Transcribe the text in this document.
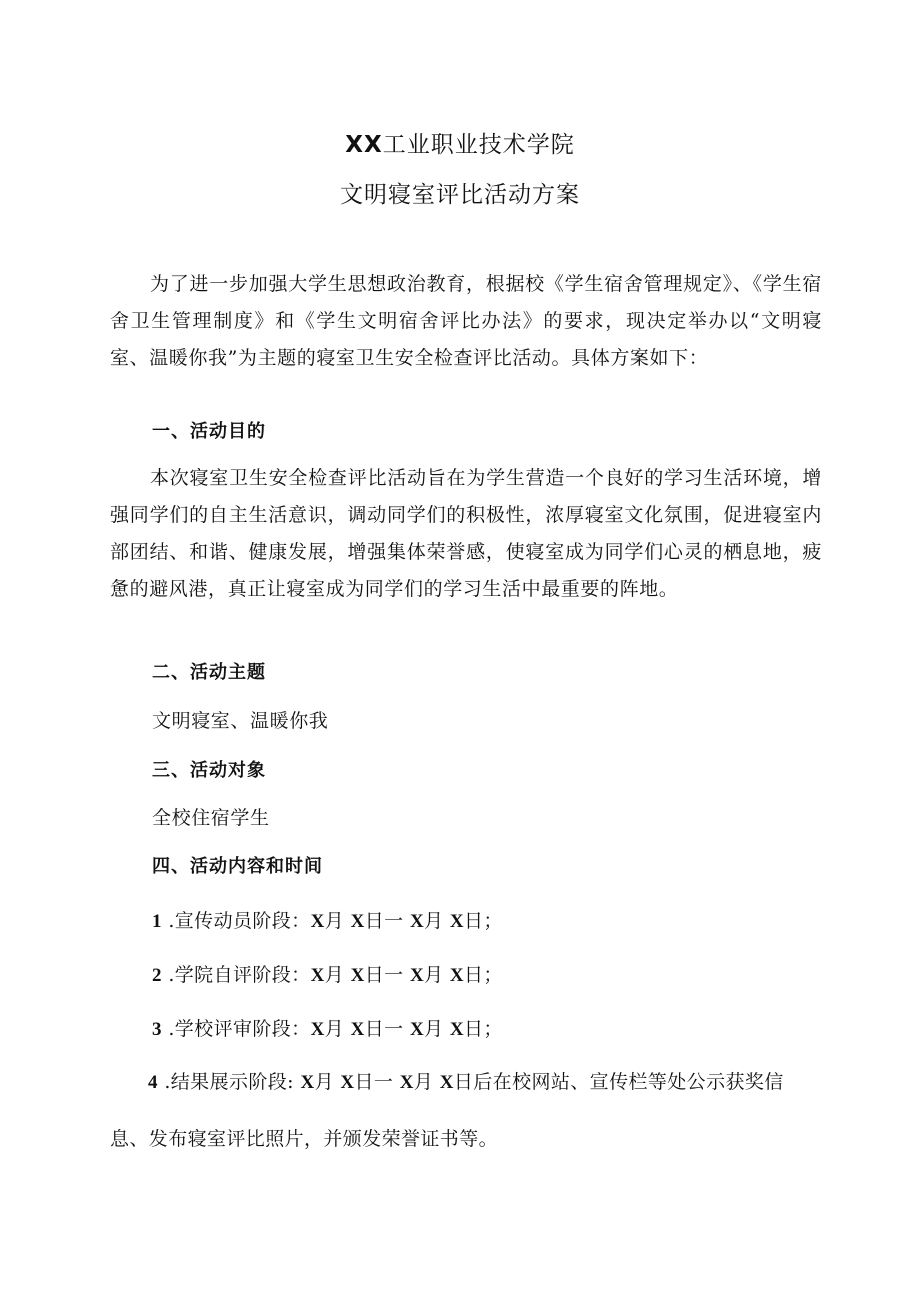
XX工业职业技术学院
文明寝室评比活动方案
为了进一步加强大学生思想政治教育，根据校《学生宿舍管理规定》、《学生宿舍卫生管理制度》和《学生文明宿舍评比办法》的要求，现决定举办以“文明寝室、温暖你我”为主题的寝室卫生安全检查评比活动。具体方案如下：
一、活动目的
本次寝室卫生安全检查评比活动旨在为学生营造一个良好的学习生活环境，增强同学们的自主生活意识，调动同学们的积极性，浓厚寝室文化氛围，促进寝室内部团结、和谐、健康发展，增强集体荣誉感，使寝室成为同学们心灵的栖息地，疲惫的避风港，真正让寝室成为同学们的学习生活中最重要的阵地。
二、活动主题
文明寝室、温暖你我
三、活动对象
全校住宿学生
四、活动内容和时间
1 .宣传动员阶段：X月 X日一 X月 X日；
2 .学院自评阶段：X月 X日一 X月 X日；
3 .学校评审阶段：X月 X日一 X月 X日；
4 .结果展示阶段: X月 X日一 X月 X日后在校网站、宣传栏等处公示获奖信息、发布寝室评比照片，并颁发荣誉证书等。
